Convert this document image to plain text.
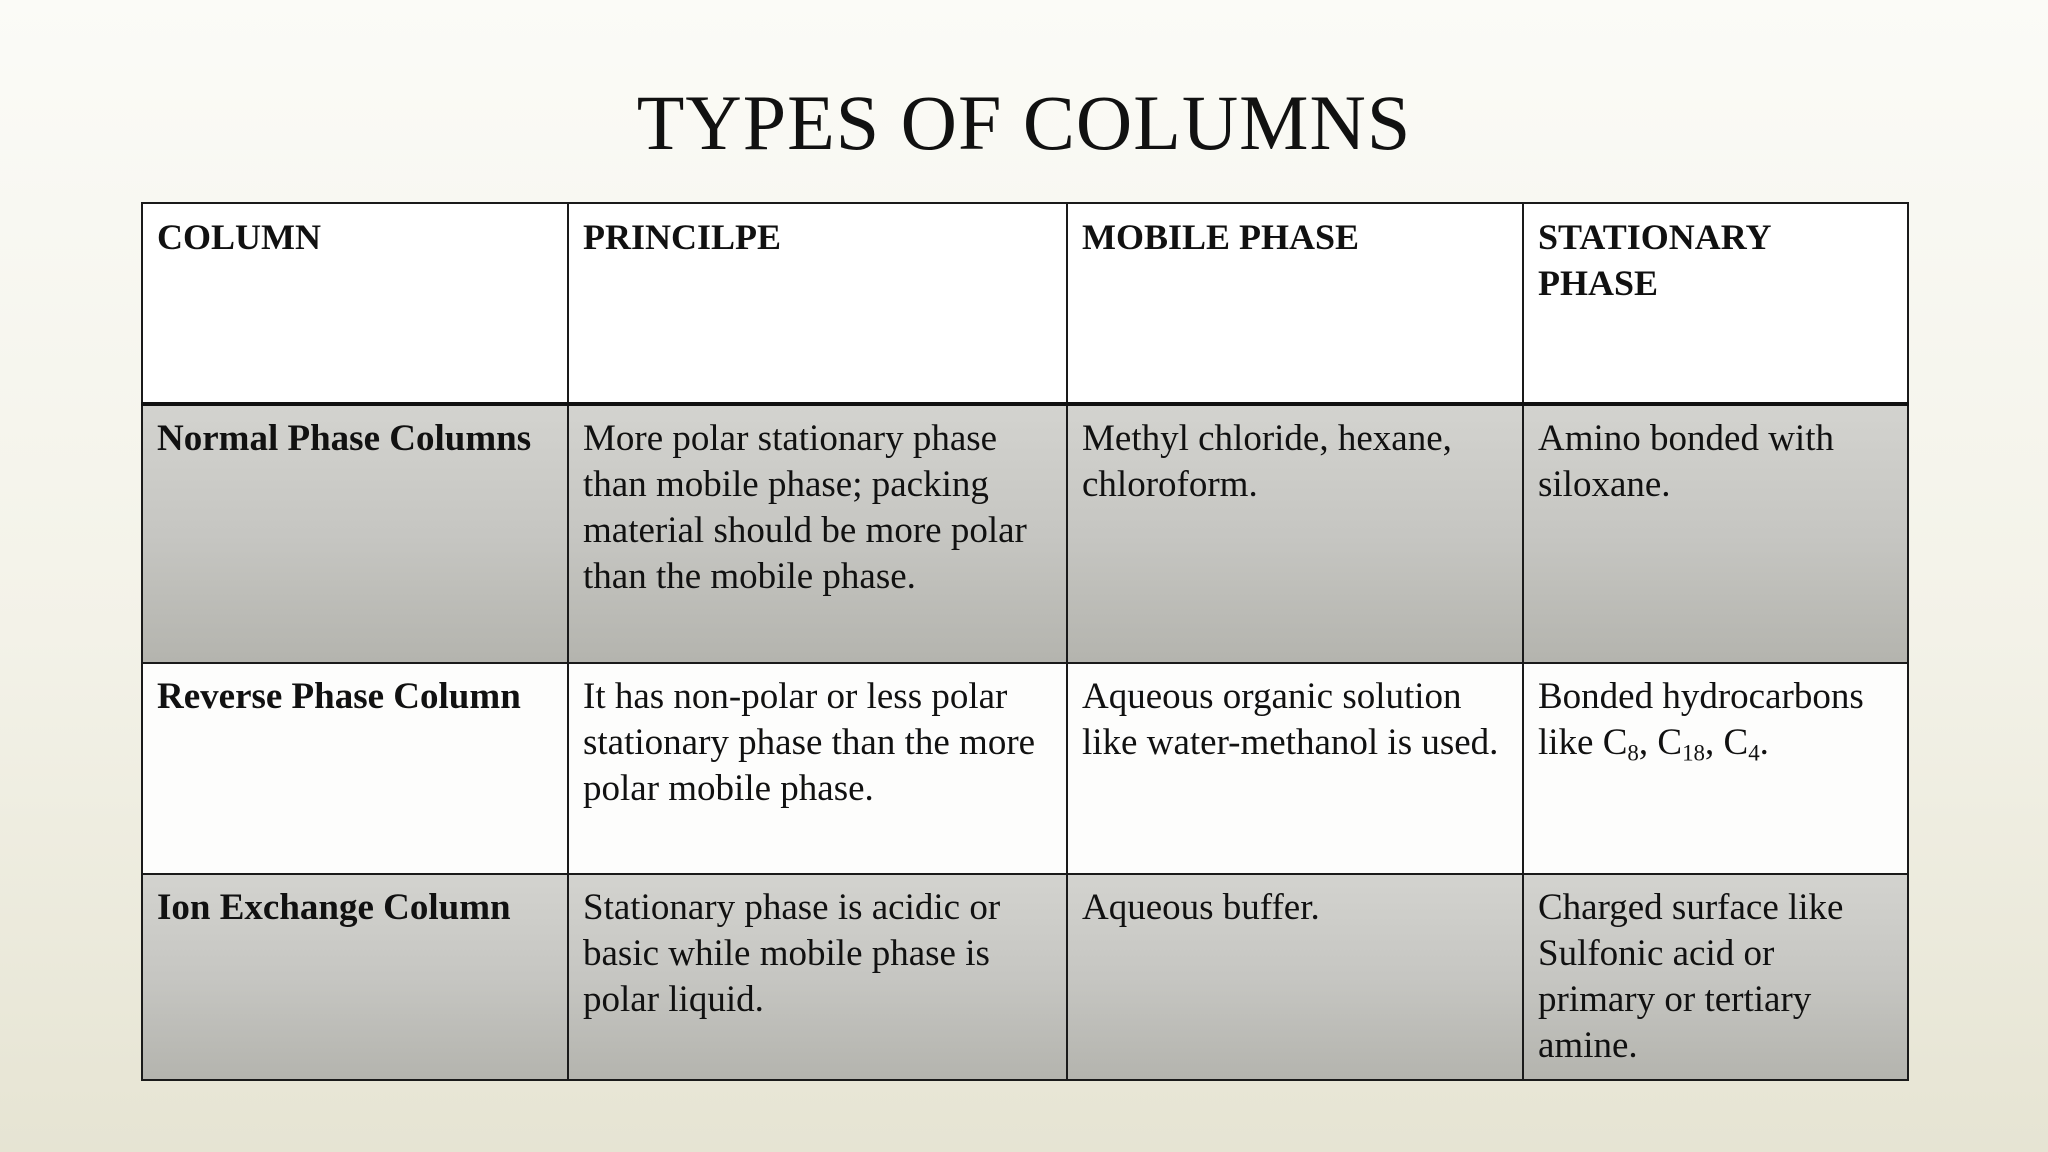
TYPES OF COLUMNS
COLUMN	PRINCILPE	MOBILE PHASE	STATIONARY PHASE
Normal Phase Columns	More polar stationary phase than mobile phase; packing material should be more polar than the mobile phase.	Methyl chloride, hexane, chloroform.	Amino bonded with siloxane.
Reverse Phase Column	It has non-polar or less polar stationary phase than the more polar mobile phase.	Aqueous organic solution like water-methanol is used.	Bonded hydrocarbons like $C_8$, $C_{18}$, $C_4$.
Ion Exchange Column	Stationary phase is acidic or basic while mobile phase is polar liquid.	Aqueous buffer.	Charged surface like Sulfonic acid or primary or tertiary amine.
